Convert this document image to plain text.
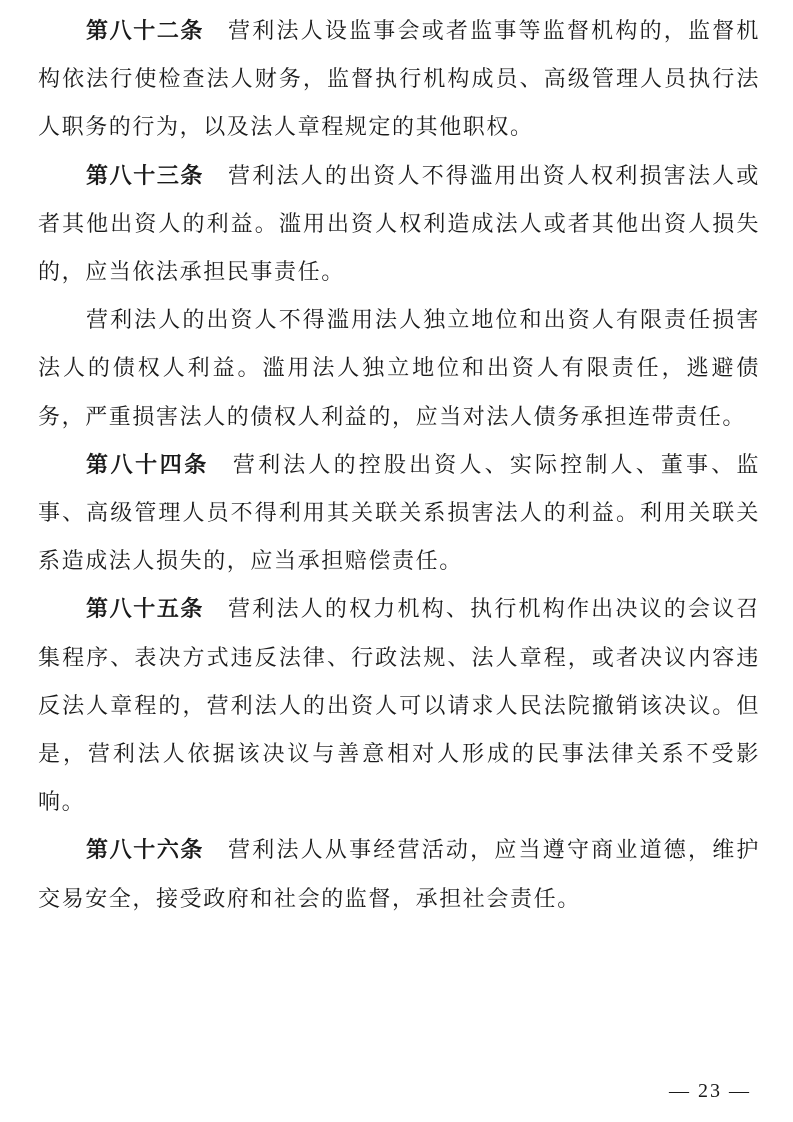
第八十二条 营利法人设监事会或者监事等监督机构的，监督机构依法行使检查法人财务，监督执行机构成员、高级管理人员执行法人职务的行为，以及法人章程规定的其他职权。

第八十三条 营利法人的出资人不得滥用出资人权利损害法人或者其他出资人的利益。滥用出资人权利造成法人或者其他出资人损失的，应当依法承担民事责任。

营利法人的出资人不得滥用法人独立地位和出资人有限责任损害法人的债权人利益。滥用法人独立地位和出资人有限责任，逃避债务，严重损害法人的债权人利益的，应当对法人债务承担连带责任。

第八十四条 营利法人的控股出资人、实际控制人、董事、监事、高级管理人员不得利用其关联关系损害法人的利益。利用关联关系造成法人损失的，应当承担赔偿责任。

第八十五条 营利法人的权力机构、执行机构作出决议的会议召集程序、表决方式违反法律、行政法规、法人章程，或者决议内容违反法人章程的，营利法人的出资人可以请求人民法院撤销该决议。但是，营利法人依据该决议与善意相对人形成的民事法律关系不受影响。

第八十六条 营利法人从事经营活动，应当遵守商业道德，维护交易安全，接受政府和社会的监督，承担社会责任。

— 23 —
